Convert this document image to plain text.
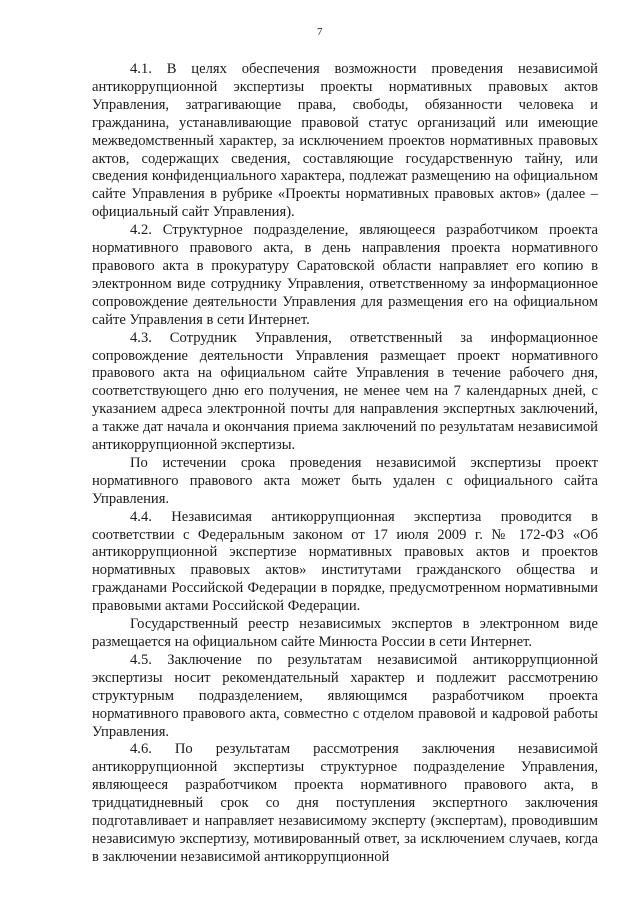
7

4.1. В целях обеспечения возможности проведения независимой антикоррупционной экспертизы проекты нормативных правовых актов Управления, затрагивающие права, свободы, обязанности человека и гражданина, устанавливающие правовой статус организаций или имеющие межведомственный характер, за исключением проектов нормативных правовых актов, содержащих сведения, составляющие государственную тайну, или сведения конфиденциального характера, подлежат размещению на официальном сайте Управления в рубрике «Проекты нормативных правовых актов» (далее – официальный сайт Управления).

4.2. Структурное подразделение, являющееся разработчиком проекта нормативного правового акта, в день направления проекта нормативного правового акта в прокуратуру Саратовской области направляет его копию в электронном виде сотруднику Управления, ответственному за информационное сопровождение деятельности Управления для размещения его на официальном сайте Управления в сети Интернет.

4.3. Сотрудник Управления, ответственный за информационное сопровождение деятельности Управления размещает проект нормативного правового акта на официальном сайте Управления в течение рабочего дня, соответствующего дню его получения, не менее чем на 7 календарных дней, с указанием адреса электронной почты для направления экспертных заключений, а также дат начала и окончания приема заключений по результатам независимой антикоррупционной экспертизы.

По истечении срока проведения независимой экспертизы проект нормативного правового акта может быть удален с официального сайта Управления.

4.4. Независимая антикоррупционная экспертиза проводится в соответствии с Федеральным законом от 17 июля 2009 г. № 172-ФЗ «Об антикоррупционной экспертизе нормативных правовых актов и проектов нормативных правовых актов» институтами гражданского общества и гражданами Российской Федерации в порядке, предусмотренном нормативными правовыми актами Российской Федерации.

Государственный реестр независимых экспертов в электронном виде размещается на официальном сайте Минюста России в сети Интернет.

4.5. Заключение по результатам независимой антикоррупционной экспертизы носит рекомендательный характер и подлежит рассмотрению структурным подразделением, являющимся разработчиком проекта нормативного правового акта, совместно с отделом правовой и кадровой работы Управления.

4.6. По результатам рассмотрения заключения независимой антикоррупционной экспертизы структурное подразделение Управления, являющееся разработчиком проекта нормативного правового акта, в тридцатидневный срок со дня поступления экспертного заключения подготавливает и направляет независимому эксперту (экспертам), проводившим независимую экспертизу, мотивированный ответ, за исключением случаев, когда в заключении независимой антикоррупционной
